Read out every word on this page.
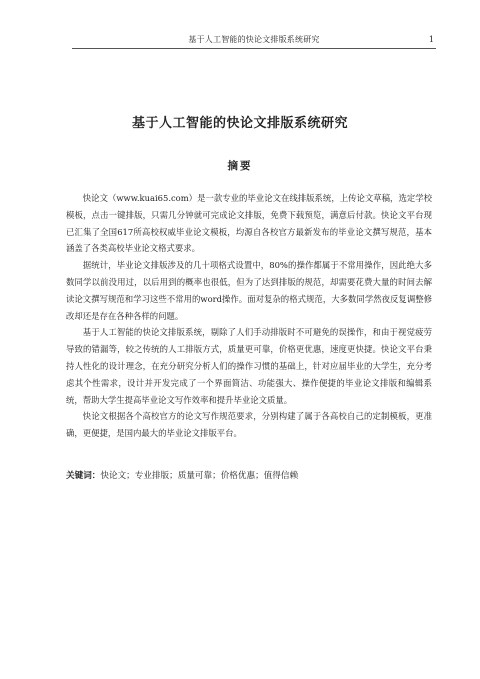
基于人工智能的快论文排版系统研究	1
基于人工智能的快论文排版系统研究
摘要

快论文（www.kuai65.com）是一款专业的毕业论文在线排版系统，上传论文草稿，选定学校模板，点击一键排版，只需几分钟就可完成论文排版，免费下载预览，满意后付款。快论文平台现已汇集了全国617所高校权威毕业论文模板，均源自各校官方最新发布的毕业论文撰写规范，基本涵盖了各类高校毕业论文格式要求。

据统计，毕业论文排版涉及的几十项格式设置中，80%的操作都属于不常用操作，因此绝大多数同学以前没用过，以后用到的概率也很低，但为了达到排版的规范，却需要花费大量的时间去解读论文撰写规范和学习这些不常用的word操作。面对复杂的格式规范，大多数同学然夜反复调整修改却还是存在各种各样的问题。

基于人工智能的快论文排版系统，剔除了人们手动排版时不可避免的误操作，和由于视觉疲劳导致的错漏等，较之传统的人工排版方式，质量更可靠，价格更优惠，速度更快捷。快论文平台秉持人性化的设计理念，在充分研究分析人们的操作习惯的基础上，针对应届毕业的大学生，充分考虑其个性需求，设计并开发完成了一个界面简洁、功能强大、操作便捷的毕业论文排版和编辑系统，帮助大学生提高毕业论文写作效率和提升毕业论文质量。

快论文根据各个高校官方的论文写作规范要求，分别构建了属于各高校自己的定制模板，更准确，更便捷，是国内最大的毕业论文排版平台。

关键词：快论文；专业排版；质量可靠；价格优惠；值得信赖
